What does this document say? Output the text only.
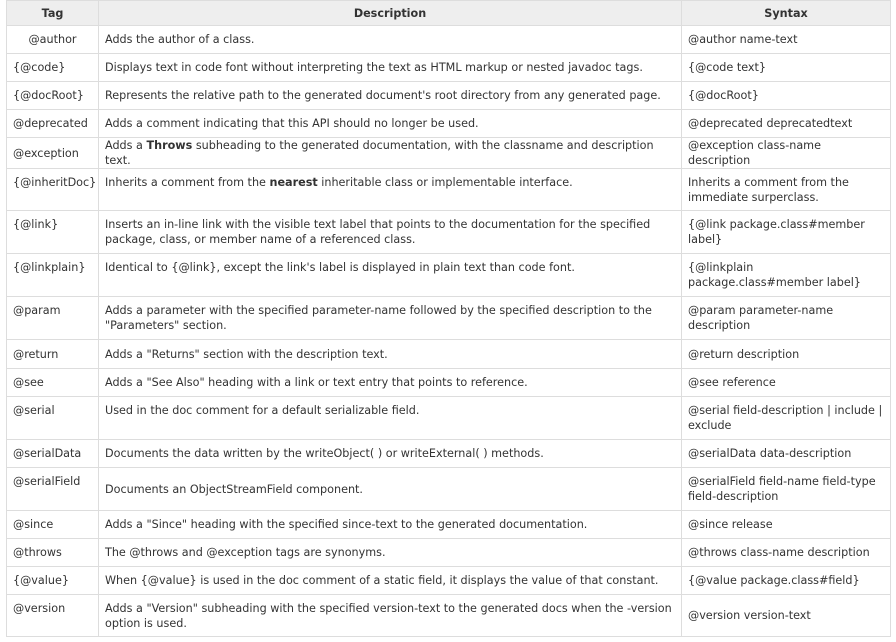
Tag	Description	Syntax
@author	Adds the author of a class.	@author name-text
{@code}	Displays text in code font without interpreting the text as HTML markup or nested javadoc tags.	{@code text}
{@docRoot}	Represents the relative path to the generated document's root directory from any generated page.	{@docRoot}
@deprecated	Adds a comment indicating that this API should no longer be used.	@deprecated deprecatedtext
@exception	Adds a Throws subheading to the generated documentation, with the classname and description text.	@exception class-name description
{@inheritDoc}	Inherits a comment from the nearest inheritable class or implementable interface.	Inherits a comment from the immediate surperclass.
{@link}	Inserts an in-line link with the visible text label that points to the documentation for the specified package, class, or member name of a referenced class.	{@link package.class#member label}
{@linkplain}	Identical to {@link}, except the link's label is displayed in plain text than code font.	{@linkplain package.class#member label}
@param	Adds a parameter with the specified parameter-name followed by the specified description to the "Parameters" section.	@param parameter-name description
@return	Adds a "Returns" section with the description text.	@return description
@see	Adds a "See Also" heading with a link or text entry that points to reference.	@see reference
@serial	Used in the doc comment for a default serializable field.	@serial field-description | include | exclude
@serialData	Documents the data written by the writeObject( ) or writeExternal( ) methods.	@serialData data-description
@serialField	Documents an ObjectStreamField component.	@serialField field-name field-type field-description
@since	Adds a "Since" heading with the specified since-text to the generated documentation.	@since release
@throws	The @throws and @exception tags are synonyms.	@throws class-name description
{@value}	When {@value} is used in the doc comment of a static field, it displays the value of that constant.	{@value package.class#field}
@version	Adds a "Version" subheading with the specified version-text to the generated docs when the -version option is used.	@version version-text
